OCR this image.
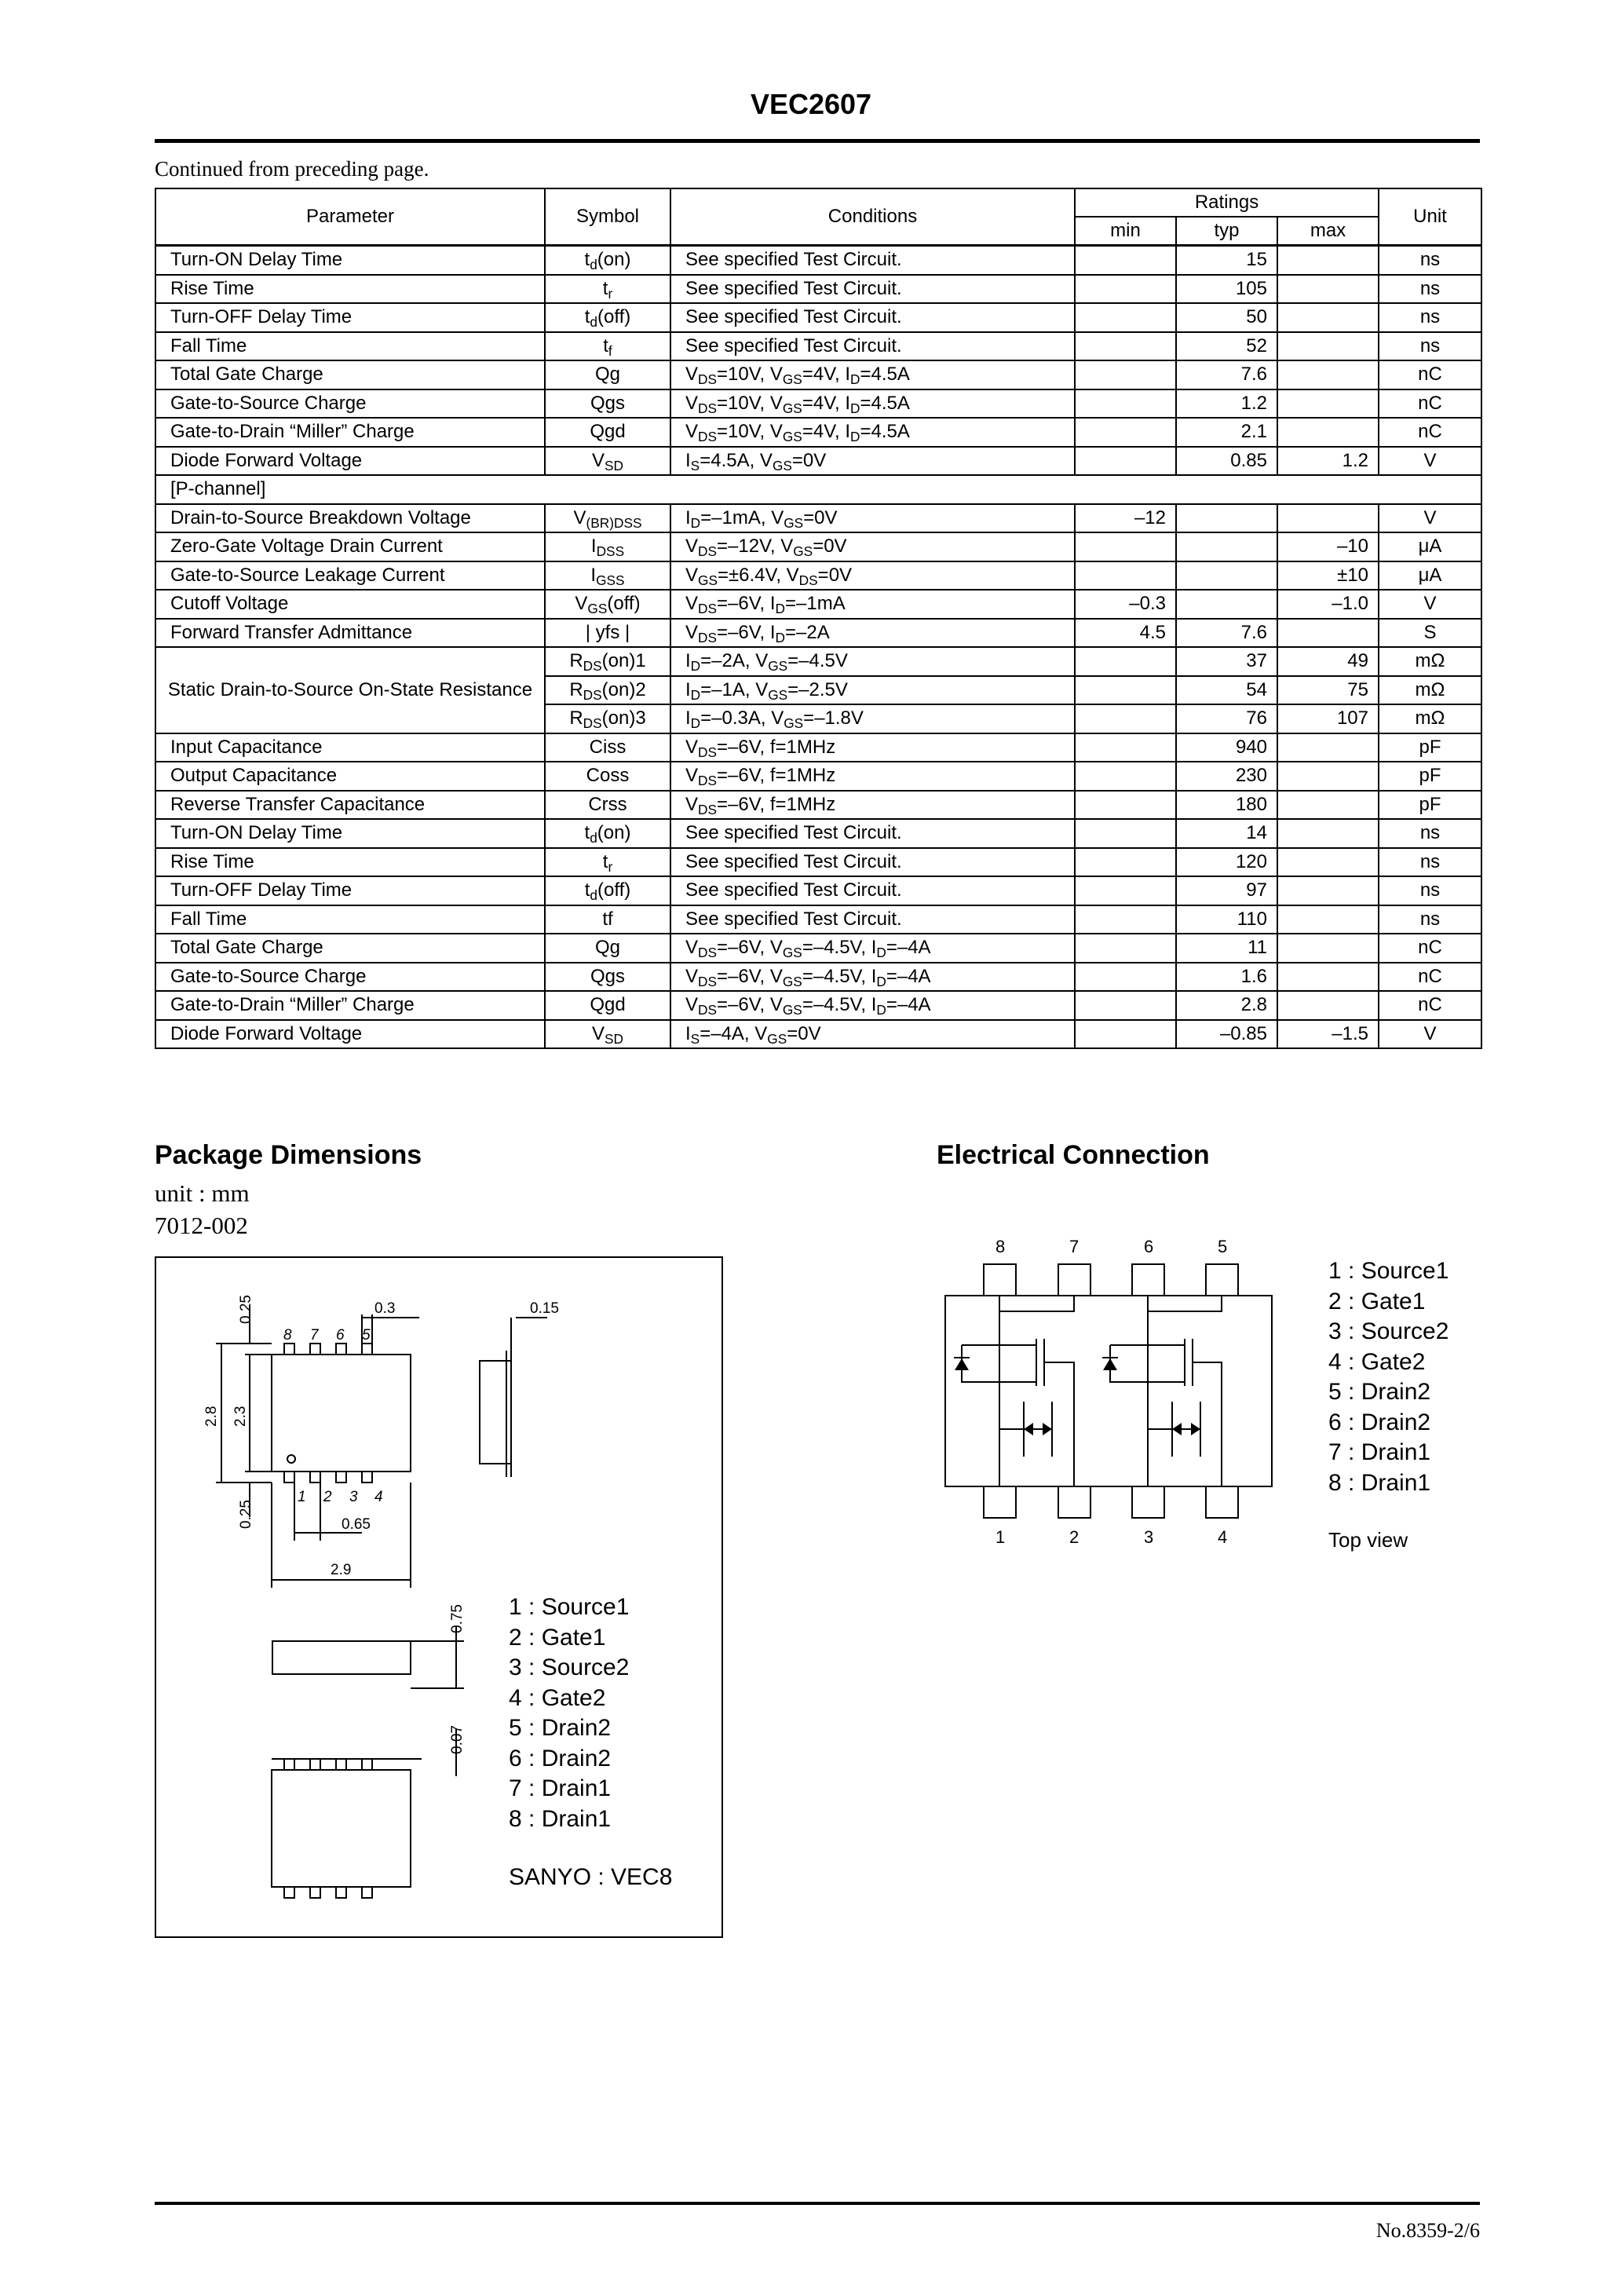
VEC2607
Continued from preceding page.
Parameter	Symbol	Conditions	Ratings			Unit
			min	typ	max	
Turn-ON Delay Time	$t_d(on)$	See specified Test Circuit.		15		ns
Rise Time	$t_r$	See specified Test Circuit.		105		ns
Turn-OFF Delay Time	$t_d(off)$	See specified Test Circuit.		50		ns
Fall Time	$t_f$	See specified Test Circuit.		52		ns
Total Gate Charge	Qg	$V_{DS}=10V$, $V_{GS}=4V$, $I_D=4.5A$		7.6		nC
Gate-to-Source Charge	Qgs	$V_{DS}=10V$, $V_{GS}=4V$, $I_D=4.5A$		1.2		nC
Gate-to-Drain “Miller” Charge	Qgd	$V_{DS}=10V$, $V_{GS}=4V$, $I_D=4.5A$		2.1		nC
Diode Forward Voltage	$V_{SD}$	$I_S=4.5A$, $V_{GS}=0V$		0.85	1.2	V
[P-channel]						
Drain-to-Source Breakdown Voltage	$V_{(BR)DSS}$	$I_D=-1mA$, $V_{GS}=0V$	–12			V
Zero-Gate Voltage Drain Current	$I_{DSS}$	$V_{DS}=-12V$, $V_{GS}=0V$			–10	μA
Gate-to-Source Leakage Current	$I_{GSS}$	$V_{GS}=\pm 6.4V$, $V_{DS}=0V$			±10	μA
Cutoff Voltage	$V_{GS}(off)$	$V_{DS}=-6V$, $I_D=-1mA$	–0.3		–1.0	V
Forward Transfer Admittance	| yfs |	$V_{DS}=-6V$, $I_D=-2A$	4.5	7.6		S
Static Drain-to-Source On-State Resistance	$R_{DS}(on)1$	$I_D=-2A$, $V_{GS}=-4.5V$		37	49	mΩ
	$R_{DS}(on)2$	$I_D=-1A$, $V_{GS}=-2.5V$		54	75	mΩ
	$R_{DS}(on)3$	$I_D=-0.3A$, $V_{GS}=-1.8V$		76	107	mΩ
Input Capacitance	Ciss	$V_{DS}=-6V$, f=1MHz		940		pF
Output Capacitance	Coss	$V_{DS}=-6V$, f=1MHz		230		pF
Reverse Transfer Capacitance	Crss	$V_{DS}=-6V$, f=1MHz		180		pF
Turn-ON Delay Time	$t_d(on)$	See specified Test Circuit.		14		ns
Rise Time	$t_r$	See specified Test Circuit.		120		ns
Turn-OFF Delay Time	$t_d(off)$	See specified Test Circuit.		97		ns
Fall Time	tf	See specified Test Circuit.		110		ns
Total Gate Charge	Qg	$V_{DS}=-6V$, $V_{GS}=-4.5V$, $I_D=-4A$		11		nC
Gate-to-Source Charge	Qgs	$V_{DS}=-6V$, $V_{GS}=-4.5V$, $I_D=-4A$		1.6		nC
Gate-to-Drain “Miller” Charge	Qgd	$V_{DS}=-6V$, $V_{GS}=-4.5V$, $I_D=-4A$		2.8		nC
Diode Forward Voltage	$V_{SD}$	$I_S=-4A$, $V_{GS}=0V$		–0.85	–1.5	V
Package Dimensions
unit : mm
7012-002
0.25	0.3	0.15
2.8 2.3
0.25	0.65
2.9
0.75
0.07
8 7 6 5
1 2 3 4
1 : Source1
2 : Gate1
3 : Source2
4 : Gate2
5 : Drain2
6 : Drain2
7 : Drain1
8 : Drain1
SANYO : VEC8
Electrical Connection
8	7	6	5
1	2	3	4
1 : Source1
2 : Gate1
3 : Source2
4 : Gate2
5 : Drain2
6 : Drain2
7 : Drain1
8 : Drain1
Top view
No.8359-2/6
